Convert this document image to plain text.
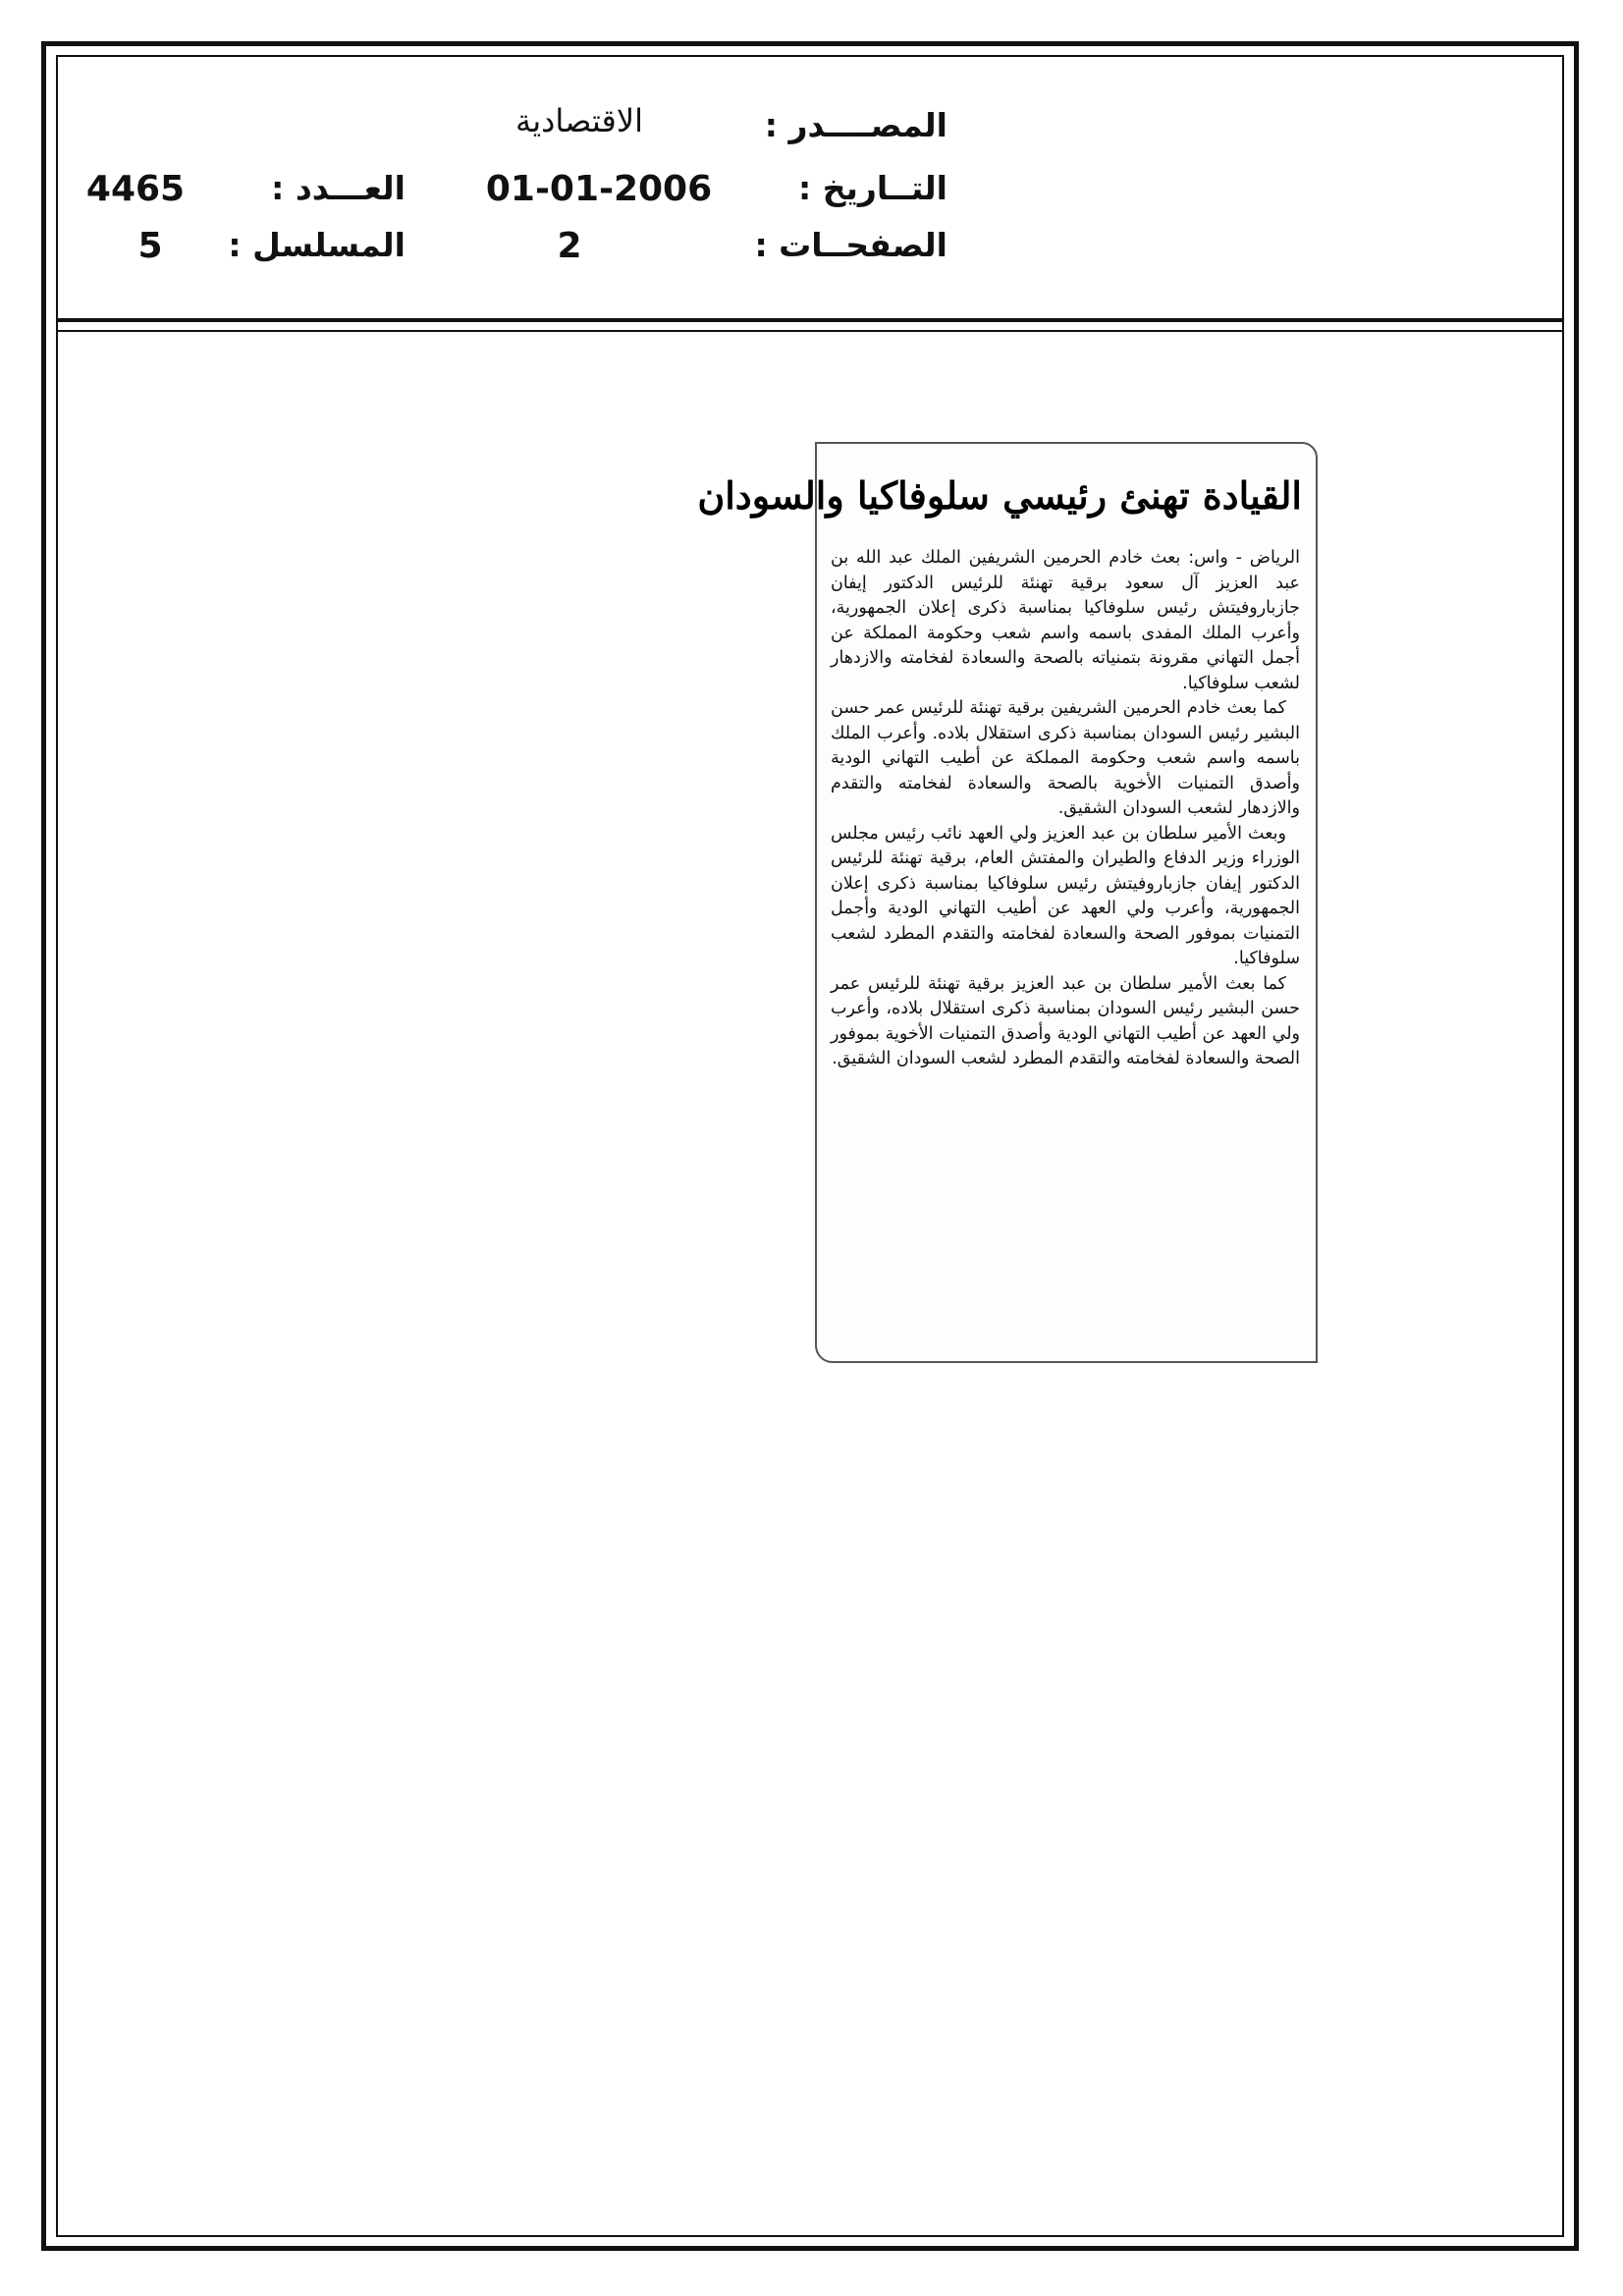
المصــــدر :
الاقتصادية
التــاريخ :
01-01-2006
العـــدد :
4465
الصفحــات :
2
المسلسل :
5
القيادة تهنئ رئيسي سلوفاكيا والسودان

الرياض - واس: بعث خادم الحرمين الشريفين الملك عبد الله بن عبد العزيز آل سعود برقية تهنئة للرئيس الدكتور إيفان جازباروفيتش رئيس سلوفاكيا بمناسبة ذكرى إعلان الجمهورية، وأعرب الملك المفدى باسمه واسم شعب وحكومة المملكة عن أجمل التهاني مقرونة بتمنياته بالصحة والسعادة لفخامته والازدهار لشعب سلوفاكيا.

كما بعث خادم الحرمين الشريفين برقية تهنئة للرئيس عمر حسن البشير رئيس السودان بمناسبة ذكرى استقلال بلاده. وأعرب الملك باسمه واسم شعب وحكومة المملكة عن أطيب التهاني الودية وأصدق التمنيات الأخوية بالصحة والسعادة لفخامته والتقدم والازدهار لشعب السودان الشقيق.

وبعث الأمير سلطان بن عبد العزيز ولي العهد نائب رئيس مجلس الوزراء وزير الدفاع والطيران والمفتش العام، برقية تهنئة للرئيس الدكتور إيفان جازباروفيتش رئيس سلوفاكيا بمناسبة ذكرى إعلان الجمهورية، وأعرب ولي العهد عن أطيب التهاني الودية وأجمل التمنيات بموفور الصحة والسعادة لفخامته والتقدم المطرد لشعب سلوفاكيا.

كما بعث الأمير سلطان بن عبد العزيز برقية تهنئة للرئيس عمر حسن البشير رئيس السودان بمناسبة ذكرى استقلال بلاده، وأعرب ولي العهد عن أطيب التهاني الودية وأصدق التمنيات الأخوية بموفور الصحة والسعادة لفخامته والتقدم المطرد لشعب السودان الشقيق.
